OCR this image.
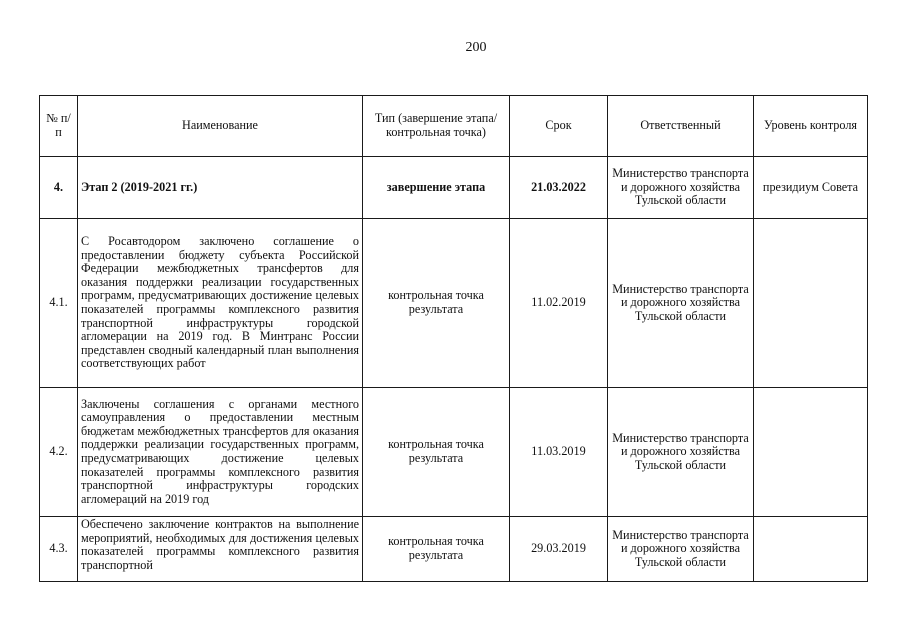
200
№ п/п	Наименование	Тип (завершение этапа/контрольная точка)	Срок	Ответственный	Уровень контроля
4.	Этап 2 (2019-2021 гг.)	завершение этапа	21.03.2022	Министерство транспорта и дорожного хозяйства Тульской области	президиум Совета
4.1.	С Росавтодором заключено соглашение о предоставлении бюджету субъекта Российской Федерации межбюджетных трансфертов для оказания поддержки реализации государственных программ, предусматривающих достижение целевых показателей программы комплексного развития транспортной инфраструктуры городской агломерации на 2019 год. В Минтранс России представлен сводный календарный план выполнения соответствующих работ	контрольная точка результата	11.02.2019	Министерство транспорта и дорожного хозяйства Тульской области	
4.2.	Заключены соглашения с органами местного самоуправления о предоставлении местным бюджетам межбюджетных трансфертов для оказания поддержки реализации государственных программ, предусматривающих достижение целевых показателей программы комплексного развития транспортной инфраструктуры городских агломераций на 2019 год	контрольная точка результата	11.03.2019	Министерство транспорта и дорожного хозяйства Тульской области	
4.3.	Обеспечено заключение контрактов на выполнение мероприятий, необходимых для достижения целевых показателей программы комплексного развития транспортной	контрольная точка результата	29.03.2019	Министерство транспорта и дорожного хозяйства Тульской области	
